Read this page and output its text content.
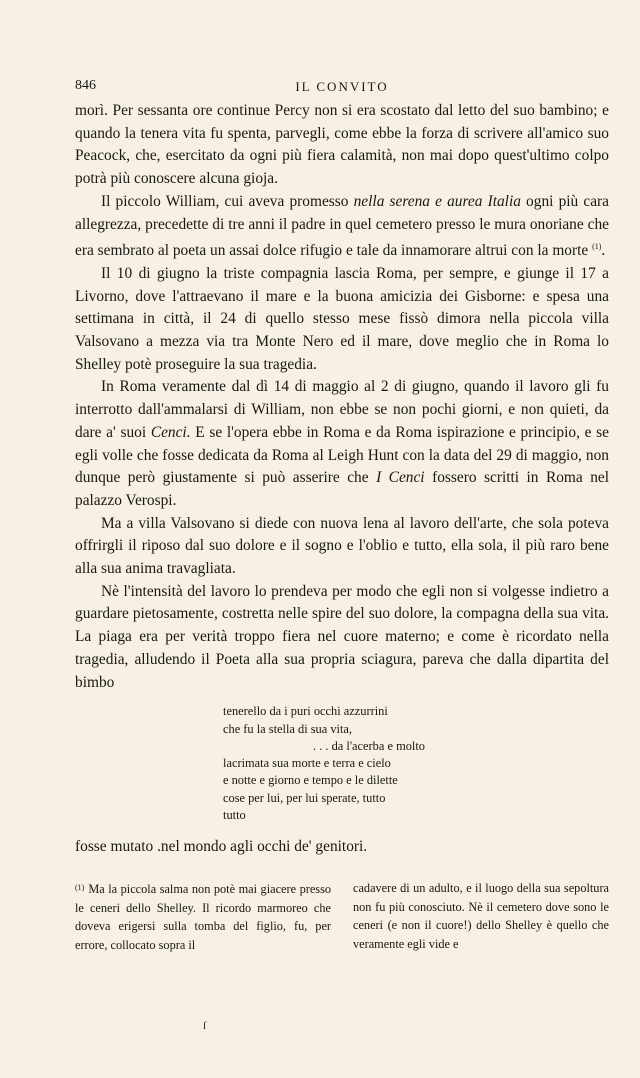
846	IL CONVITO

morì. Per sessanta ore continue Percy non si era scostato dal letto del suo bambino; e quando la tenera vita fu spenta, parvegli, come ebbe la forza di scrivere all'amico suo Peacock, che, esercitato da ogni più fiera calamità, non mai dopo quest'ultimo colpo potrà più conoscere alcuna gioja.

Il piccolo William, cui aveva promesso nella serena e aurea Italia ogni più cara allegrezza, precedette di tre anni il padre in quel cemetero presso le mura onoriane che era sembrato al poeta un assai dolce rifugio e tale da innamorare altrui con la morte $^{(1)}$.

Il 10 di giugno la triste compagnia lascia Roma, per sempre, e giunge il 17 a Livorno, dove l'attraevano il mare e la buona amicizia dei Gisborne: e spesa una settimana in città, il 24 di quello stesso mese fissò dimora nella piccola villa Valsovano a mezza via tra Monte Nero ed il mare, dove meglio che in Roma lo Shelley potè proseguire la sua tragedia.

In Roma veramente dal dì 14 di maggio al 2 di giugno, quando il lavoro gli fu interrotto dall'ammalarsi di William, non ebbe se non pochi giorni, e non quieti, da dare a' suoi Cenci. E se l'opera ebbe in Roma e da Roma ispirazione e principio, e se egli volle che fosse dedicata da Roma al Leigh Hunt con la data del 29 di maggio, non dunque però giustamente si può asserire che I Cenci fossero scritti in Roma nel palazzo Verospi.

Ma a villa Valsovano si diede con nuova lena al lavoro dell'arte, che sola poteva offrirgli il riposo dal suo dolore e il sogno e l'oblio e tutto, ella sola, il più raro bene alla sua anima travagliata.

Nè l'intensità del lavoro lo prendeva per modo che egli non si volgesse indietro a guardare pietosamente, costretta nelle spire del suo dolore, la compagna della sua vita. La piaga era per verità troppo fiera nel cuore materno; e come è ricordato nella tragedia, alludendo il Poeta alla sua propria sciagura, pareva che dalla dipartita del bimbo

tenerello da i puri occhi azzurrini
che fu la stella di sua vita,
. . . da l'acerba e molto
lacrimata sua morte e terra e cielo
e notte e giorno e tempo e le dilette
cose per lui, per lui sperate, tutto
tutto
fosse mutato .nel mondo agli occhi de' genitori.
$^{(1)}$ Ma la piccola salma non potè mai giacere presso le ceneri dello Shelley. Il ricordo marmoreo che doveva erigersi sulla tomba del figlio, fu, per errore, collocato sopra il
cadavere di un adulto, e il luogo della sua sepoltura non fu più conosciuto. Nè il cemetero dove sono le ceneri (e non il cuore!) dello Shelley è quello che veramente egli vide e
ſ
